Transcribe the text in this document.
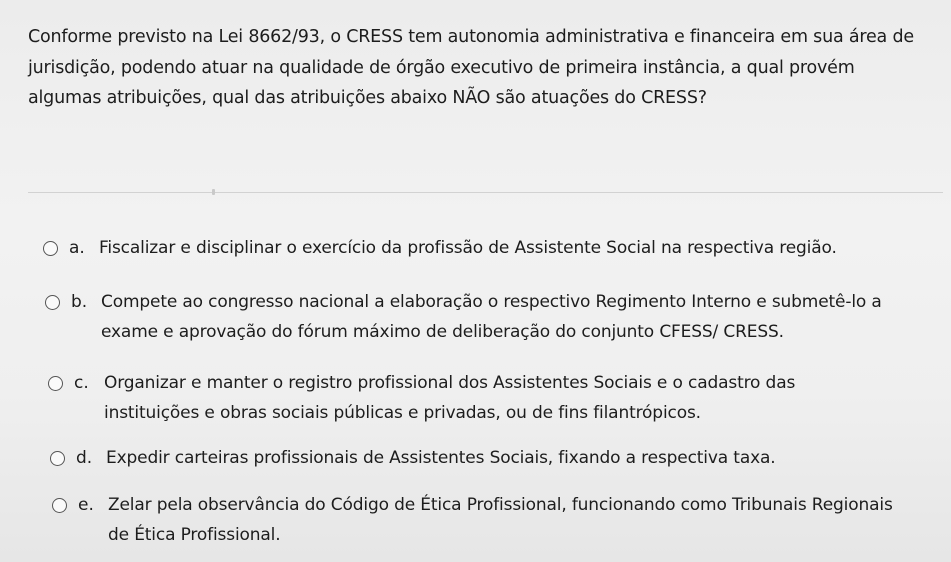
Conforme previsto na Lei 8662/93, o CRESS tem autonomia administrativa e financeira em sua área de jurisdição, podendo atuar na qualidade de órgão executivo de primeira instância, a qual provém algumas atribuições, qual das atribuições abaixo NÃO são atuações do CRESS?

a. Fiscalizar e disciplinar o exercício da profissão de Assistente Social na respectiva região.
b. Compete ao congresso nacional a elaboração o respectivo Regimento Interno e submetê-lo a exame e aprovação do fórum máximo de deliberação do conjunto CFESS/ CRESS.
c. Organizar e manter o registro profissional dos Assistentes Sociais e o cadastro das instituições e obras sociais públicas e privadas, ou de fins filantrópicos.
d. Expedir carteiras profissionais de Assistentes Sociais, fixando a respectiva taxa.
e. Zelar pela observância do Código de Ética Profissional, funcionando como Tribunais Regionais de Ética Profissional.
